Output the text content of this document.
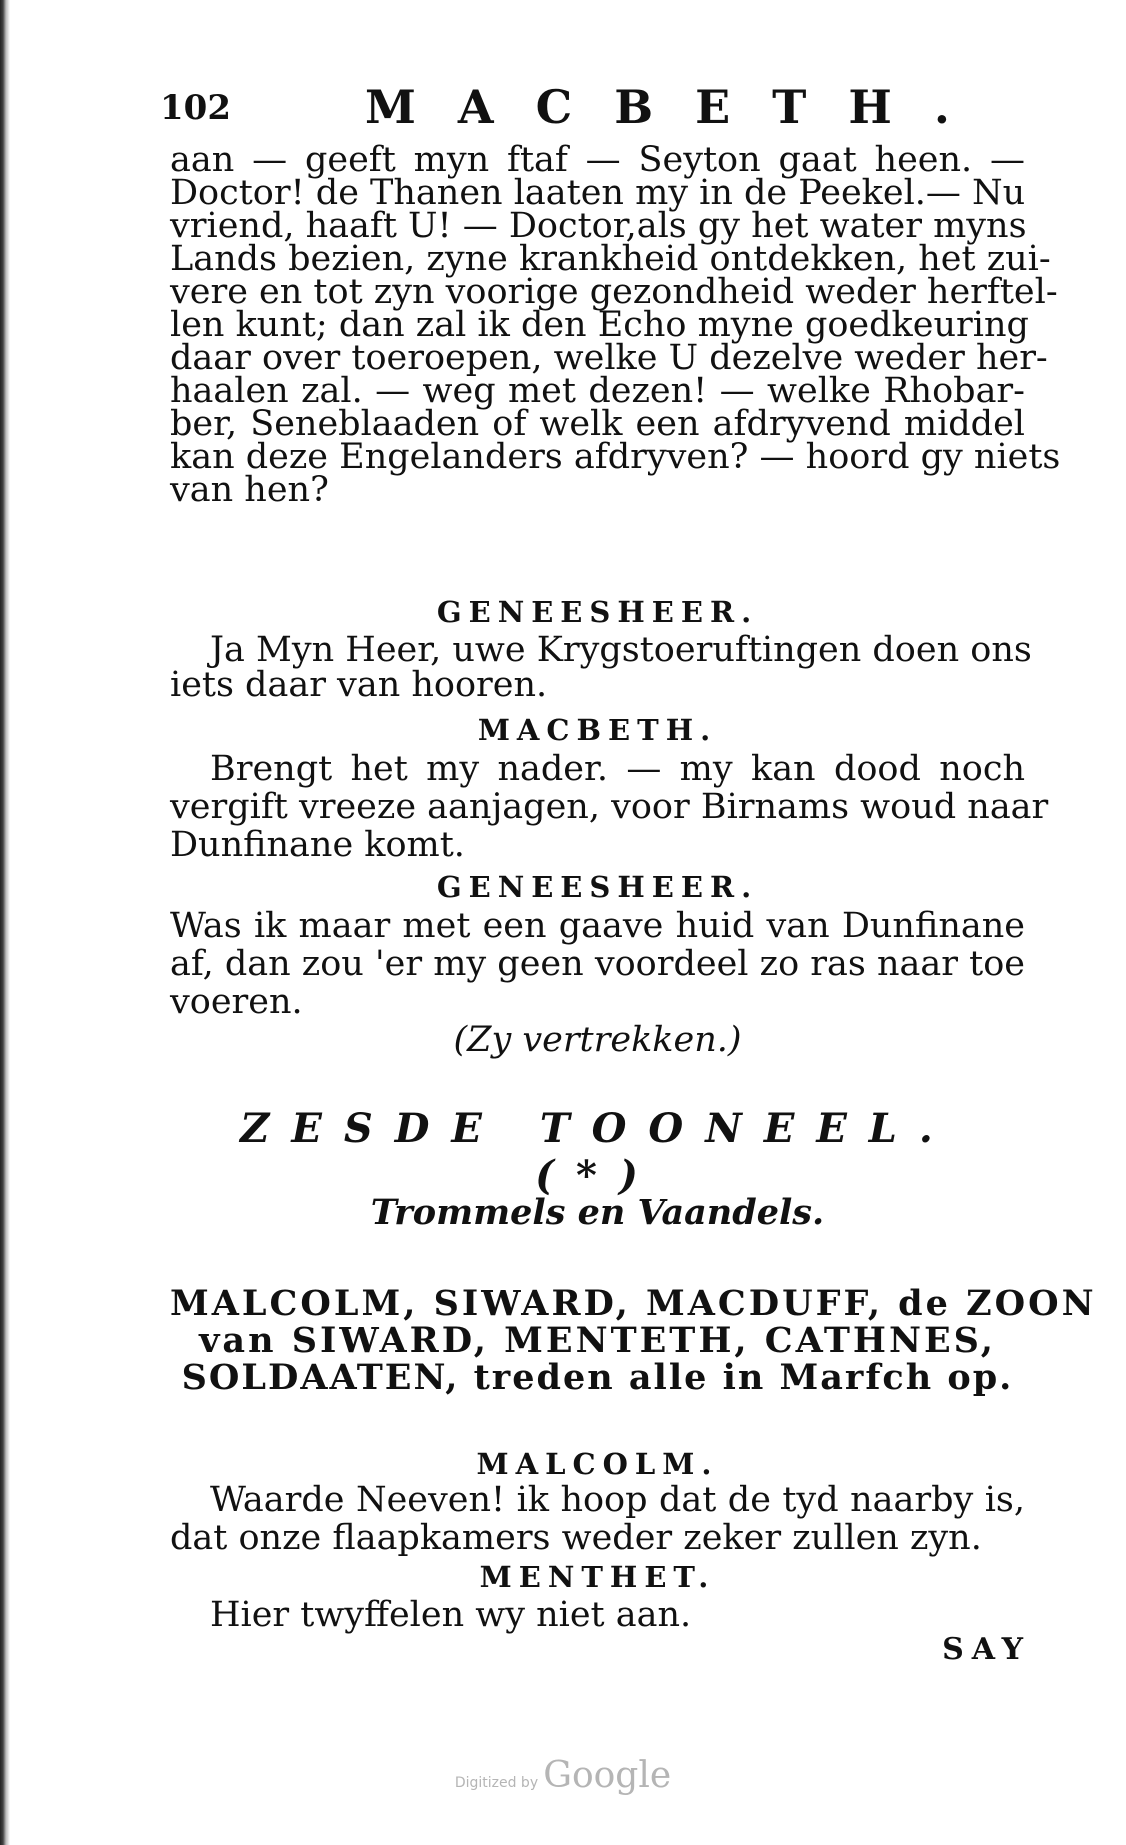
102	MACBETH.
aan — geeft myn ftaf — Seyton gaat heen. —
Doctor! de Thanen laaten my in de Peekel.— Nu
vriend, haaft U! — Doctor,als gy het water myns
Lands bezien, zyne krankheid ontdekken, het zui-
vere en tot zyn voorige gezondheid weder herftel-
len kunt; dan zal ik den Echo myne goedkeuring
daar over toeroepen, welke U dezelve weder her-
haalen zal. — weg met dezen! — welke Rhobar-
ber, Seneblaaden of welk een afdryvend middel
kan deze Engelanders afdryven? — hoord gy niets
van hen?
GENEESHEER.
Ja Myn Heer, uwe Krygstoeruftingen doen ons
iets daar van hooren.
MACBETH.
Brengt het my nader. — my kan dood noch
vergift vreeze aanjagen, voor Birnams woud naar
Dunfinane komt.
GENEESHEER.
Was ik maar met een gaave huid van Dunfinane
af, dan zou 'er my geen voordeel zo ras naar toe
voeren.
(Zy vertrekken.)
ZESDE TOONEEL. (*)
Trommels en Vaandels.
MALCOLM, SIWARD, MACDUFF, de ZOON
van SIWARD, MENTETH, CATHNES,
SOLDAATEN, treden alle in Marfch op.
MALCOLM.
Waarde Neeven! ik hoop dat de tyd naarby is,
dat onze flaapkamers weder zeker zullen zyn.
MENTHET.
Hier twyffelen wy niet aan.
SAY
Digitized by Google
